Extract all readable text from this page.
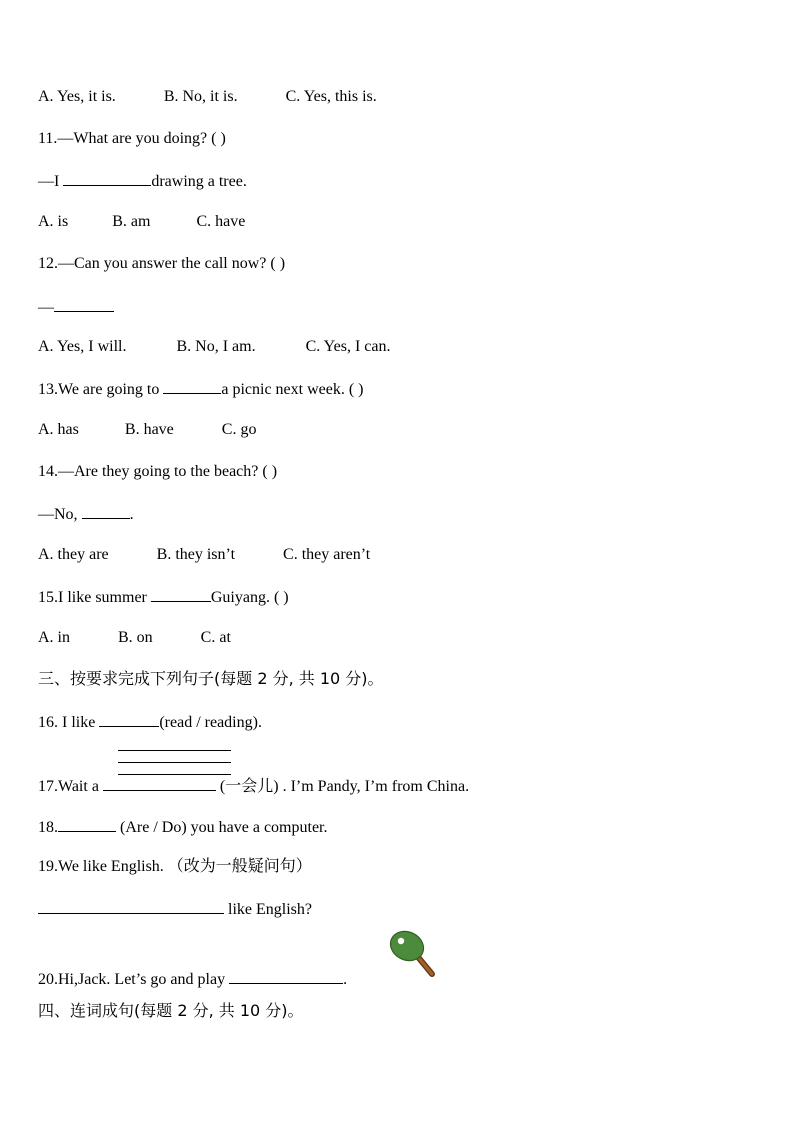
A. Yes, it is.	B. No, it is.	C. Yes, this is.
11.—What are you doing? ( )
—I	drawing a tree.
A. is	B. am	C. have
12.—Can you answer the call now? ( )
—
A. Yes, I will.	B. No, I am.	C. Yes, I can.
13.We are going to	a picnic next week. ( )
A. has	B. have	C. go
14.—Are they going to the beach? ( )
—No,	.
A. they are	B. they isn’t	C. they aren’t
15.I like summer	Guiyang. ( )
A. in	B. on	C. at
三、按要求完成下列句子(每题 2 分, 共 10 分)。
16. I like	(read / reading).
17.Wait a	(一会儿) . I’m Pandy, I’m from China.
18.	(Are / Do) you have a computer.
19.We like English. （改为一般疑问句）
like English?
20.Hi,Jack. Let’s go and play	.
四、连词成句(每题 2 分, 共 10 分)。
